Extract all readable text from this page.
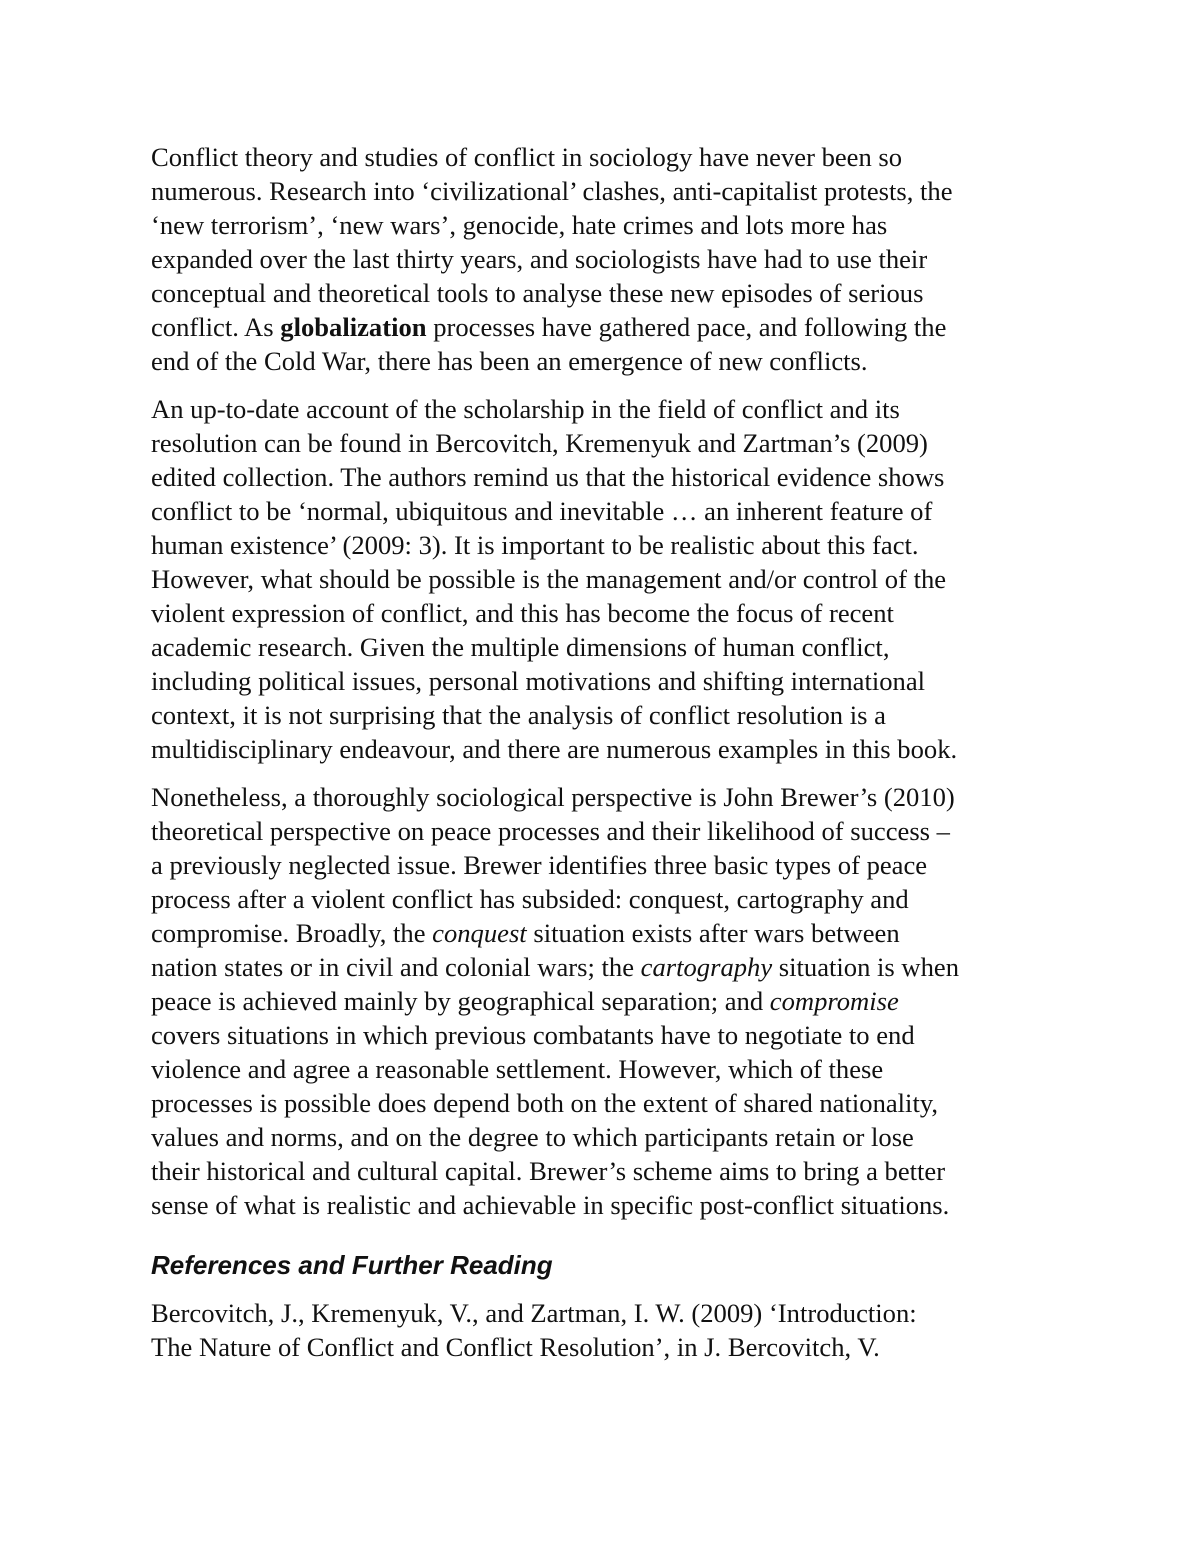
Conflict theory and studies of conflict in sociology have never been so
numerous. Research into ‘civilizational’ clashes, anti-capitalist protests, the
‘new terrorism’, ‘new wars’, genocide, hate crimes and lots more has
expanded over the last thirty years, and sociologists have had to use their
conceptual and theoretical tools to analyse these new episodes of serious
conflict. As globalization processes have gathered pace, and following the
end of the Cold War, there has been an emergence of new conflicts.

An up-to-date account of the scholarship in the field of conflict and its
resolution can be found in Bercovitch, Kremenyuk and Zartman’s (2009)
edited collection. The authors remind us that the historical evidence shows
conflict to be ‘normal, ubiquitous and inevitable … an inherent feature of
human existence’ (2009: 3). It is important to be realistic about this fact.
However, what should be possible is the management and/or control of the
violent expression of conflict, and this has become the focus of recent
academic research. Given the multiple dimensions of human conflict,
including political issues, personal motivations and shifting international
context, it is not surprising that the analysis of conflict resolution is a
multidisciplinary endeavour, and there are numerous examples in this book.

Nonetheless, a thoroughly sociological perspective is John Brewer’s (2010)
theoretical perspective on peace processes and their likelihood of success –
a previously neglected issue. Brewer identifies three basic types of peace
process after a violent conflict has subsided: conquest, cartography and
compromise. Broadly, the conquest situation exists after wars between
nation states or in civil and colonial wars; the cartography situation is when
peace is achieved mainly by geographical separation; and compromise
covers situations in which previous combatants have to negotiate to end
violence and agree a reasonable settlement. However, which of these
processes is possible does depend both on the extent of shared nationality,
values and norms, and on the degree to which participants retain or lose
their historical and cultural capital. Brewer’s scheme aims to bring a better
sense of what is realistic and achievable in specific post-conflict situations.

References and Further Reading

Bercovitch, J., Kremenyuk, V., and Zartman, I. W. (2009) ‘Introduction:
The Nature of Conflict and Conflict Resolution’, in J. Bercovitch, V.
